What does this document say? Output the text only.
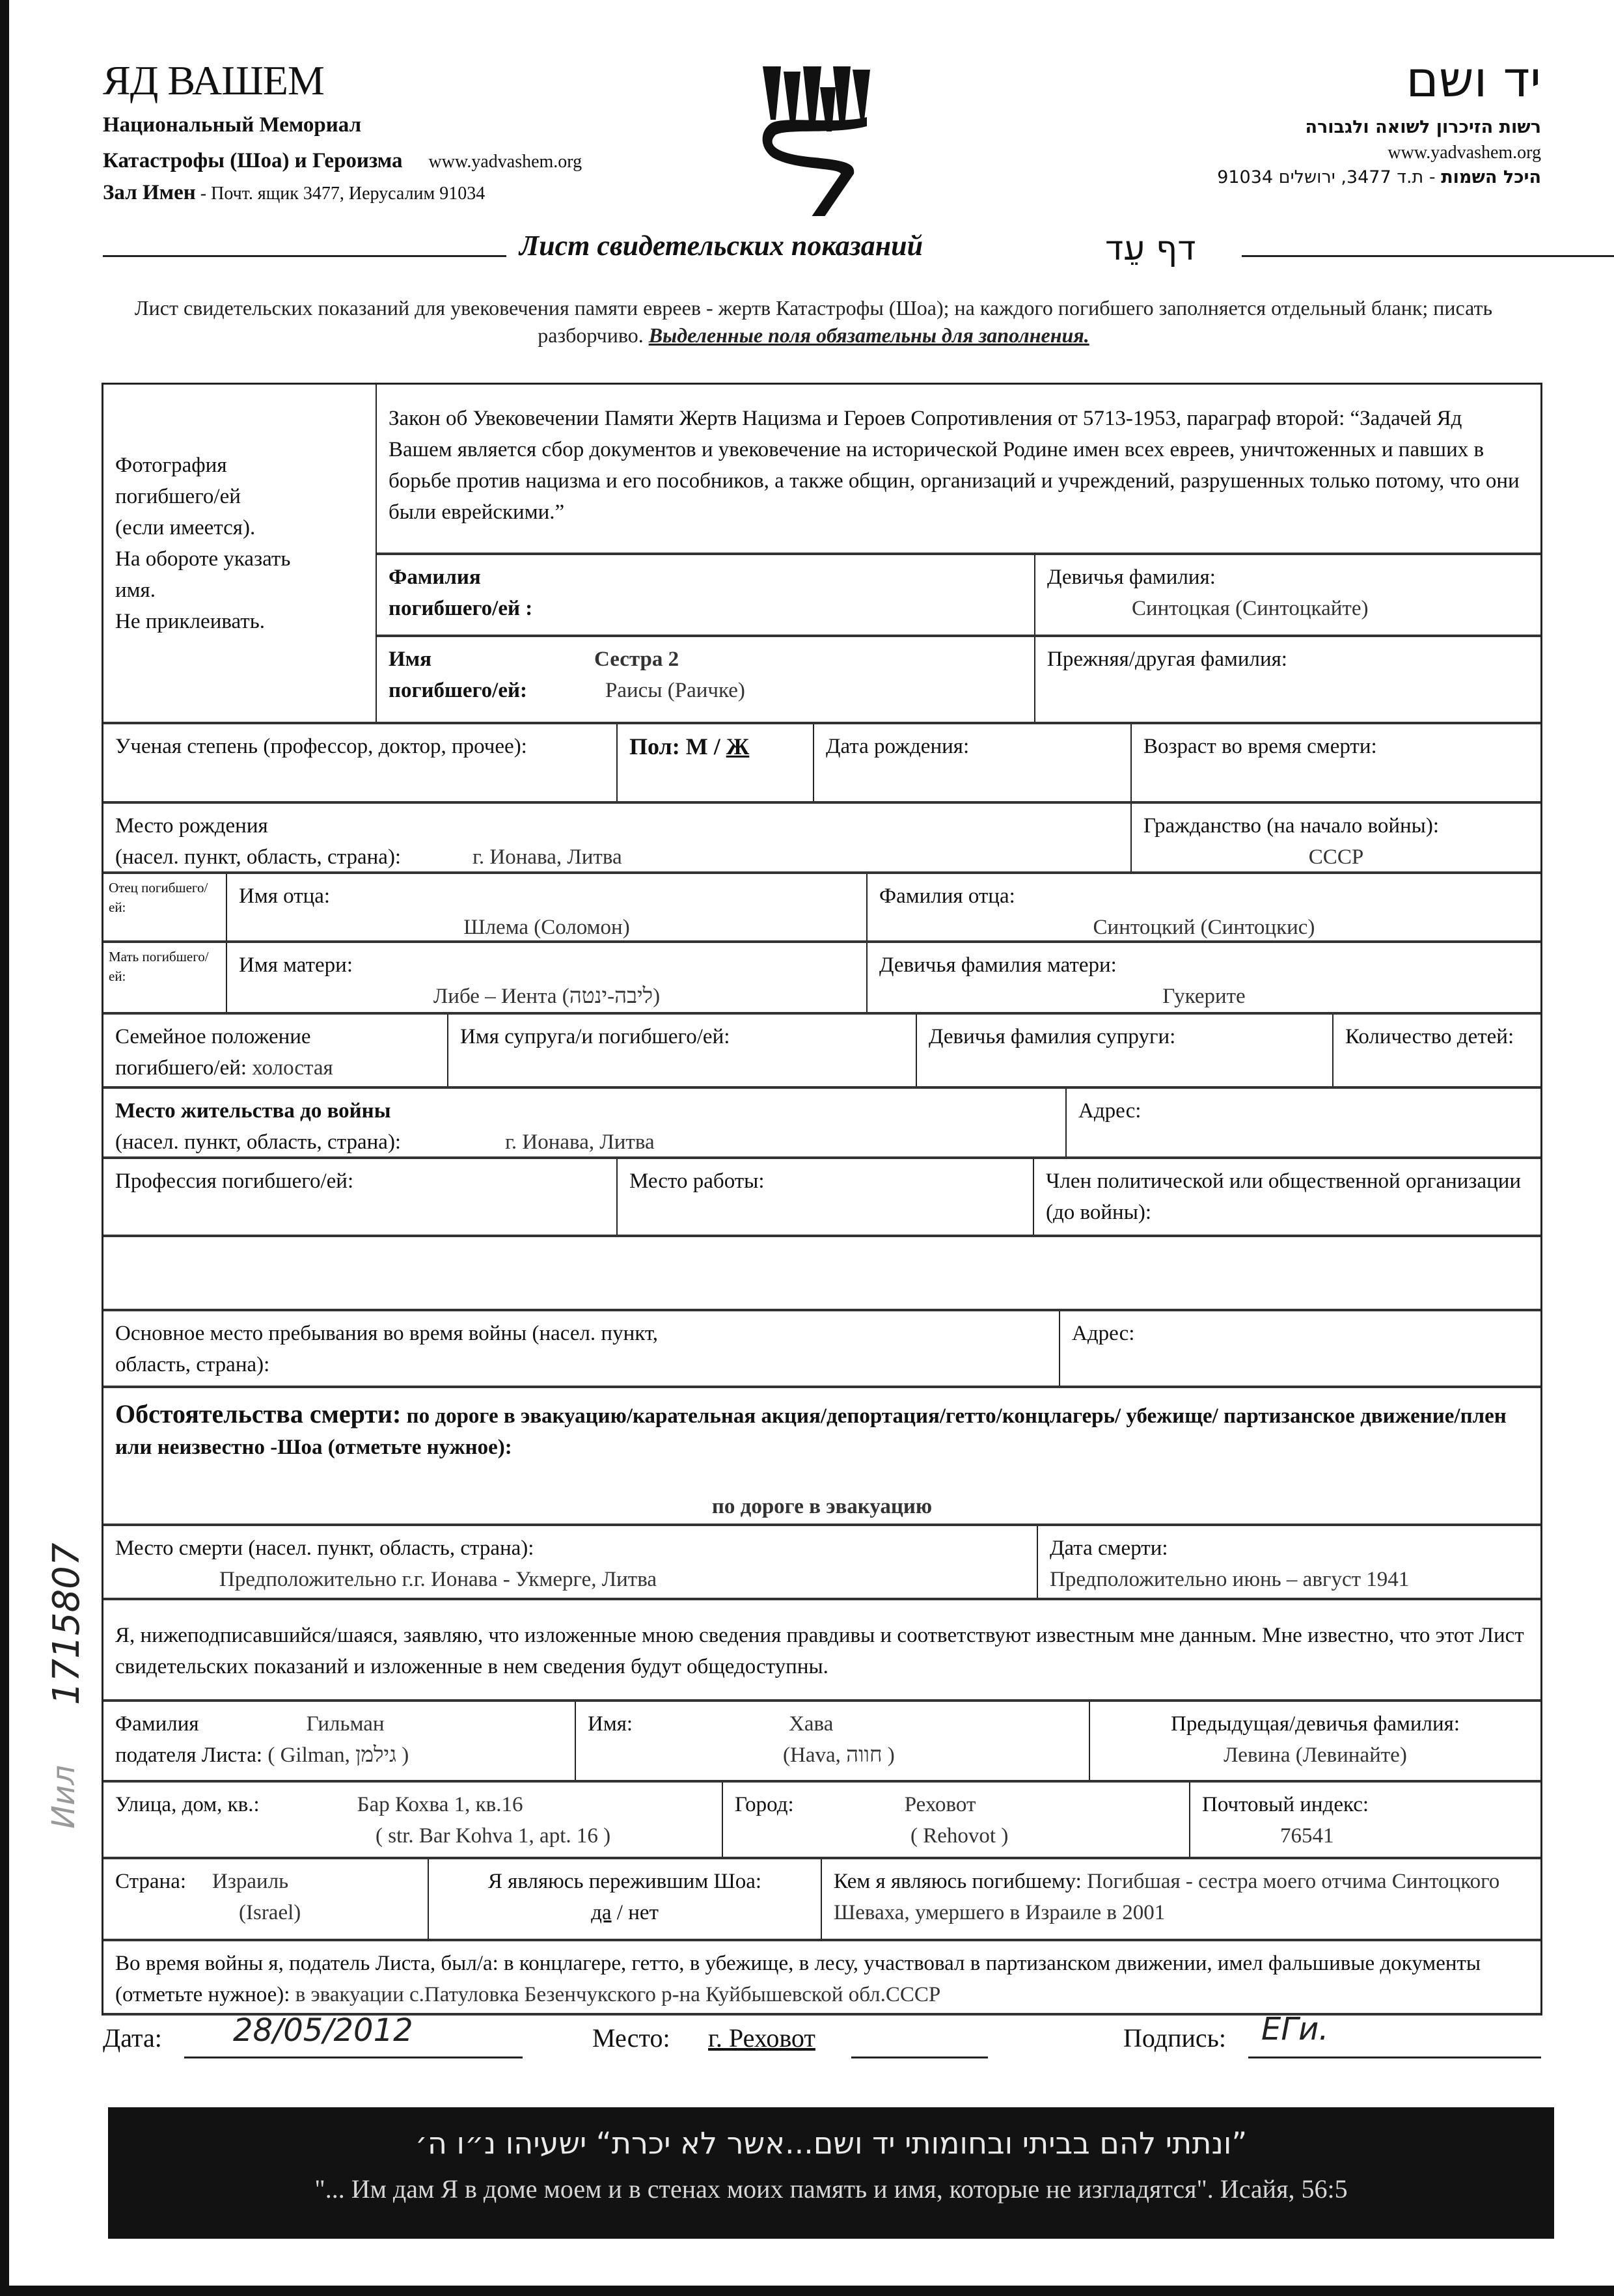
ЯД ВАШЕМ
Национальный Мемориал
Катастрофы (Шоа) и Героизма www.yadvashem.org
Зал Имен - Почт. ящик 3477, Иерусалим 91034
יד ושם
רשות הזיכרון לשואה ולגבורה
www.yadvashem.org
היכל השמות - ת.ד 3477, ירושלים 91034
Лист свидетельских показаний	דף עֵד
Лист свидетельских показаний для увековечения памяти евреев - жертв Катастрофы (Шоа); на каждого погибшего заполняется отдельный бланк; писать разборчиво. Выделенные поля обязательны для заполнения.
Фотография
погибшего/ей
(если имеется).
На обороте указать
имя.
Не приклеивать.
Закон об Увековечении Памяти Жертв Нацизма и Героев Сопротивления от 5713-1953, параграф второй: “Задачей Яд Вашем является сбор документов и увековечение на исторической Родине имен всех евреев, уничтоженных и павших в борьбе против нацизма и его пособников, а также общин, организаций и учреждений, разрушенных только потому, что они были еврейскими.”
Фамилия
погибшего/ей :
Девичья фамилия:
Синтоцкая (Синтоцкайте)
Имя	Сестра 2
погибшего/ей:	Раисы (Раичке)
Прежняя/другая фамилия:
Ученая степень (профессор, доктор, прочее):	Пол: М / Ж	Дата рождения:	Возраст во время смерти:
Место рождения
(насел. пункт, область, страна):	г. Ионава, Литва
Гражданство (на начало войны):
СССР
Отец погибшего/ ей:	Имя отца:
Шлема (Соломон)
Фамилия отца:
Синтоцкий (Синтоцкис)
Мать погибшего/ ей:	Имя матери:
Либе – Иента (ליבה-ינטה)
Девичья фамилия матери:
Гукерите
Семейное положение
погибшего/ей: холостая
Имя супруга/и погибшего/ей:	Девичья фамилия супруги:	Количество детей:
Место жительства до войны
(насел. пункт, область, страна):	г. Ионава, Литва
Адрес:
Профессия погибшего/ей:	Место работы:	Член политической или общественной организации (до войны):
Основное место пребывания во время войны (насел. пункт, область, страна):
Адрес:
Обстоятельства смерти: по дороге в эвакуацию/карательная акция/депортация/гетто/концлагерь/ убежище/ партизанское движение/плен или неизвестно -Шоа (отметьте нужное):
по дороге в эвакуацию
Место смерти (насел. пункт, область, страна):
Предположительно г.г. Ионава - Укмерге, Литва
Дата смерти:
Предположительно июнь – август 1941
Я, нижеподписавшийся/шаяся, заявляю, что изложенные мною сведения правдивы и соответствуют известным мне данным. Мне известно, что этот Лист свидетельских показаний и изложенные в нем сведения будут общедоступны.
Фамилия	Гильман
подателя Листа: ( Gilman, גילמן )
Имя:	Хава
(Hava, חווה )
Предыдущая/девичья фамилия:
Левина (Левинайте)
Улица, дом, кв.:	Бар Кохва 1, кв.16
( str. Bar Kohva 1, apt. 16 )
Город:	Реховот
( Rehovot )
Почтовый индекс:
76541
Страна: Израиль
(Israel)
Я являюсь пережившим Шоа:
да / нет
Кем я являюсь погибшему: Погибшая - сестра моего отчима Синтоцкого Шеваха, умершего в Израиле в 2001
Во время войны я, податель Листа, был/а: в концлагере, гетто, в убежище, в лесу, участвовал в партизанском движении, имел фальшивые документы (отметьте нужное): в эвакуации с.Патуловка Безенчукского р-на Куйбышевской обл.СССР
Дата: 28/05/2012	Место: г. Реховот	Подпись: ЕГи.
”ונתתי להם בביתי ובחומותי יד ושם...אשר לא יכרת“ ישעיהו נ״ו ה׳
"... Им дам Я в доме моем и в стенах моих память и имя, которые не изгладятся". Исайя, 56:5
1715807
Иил
